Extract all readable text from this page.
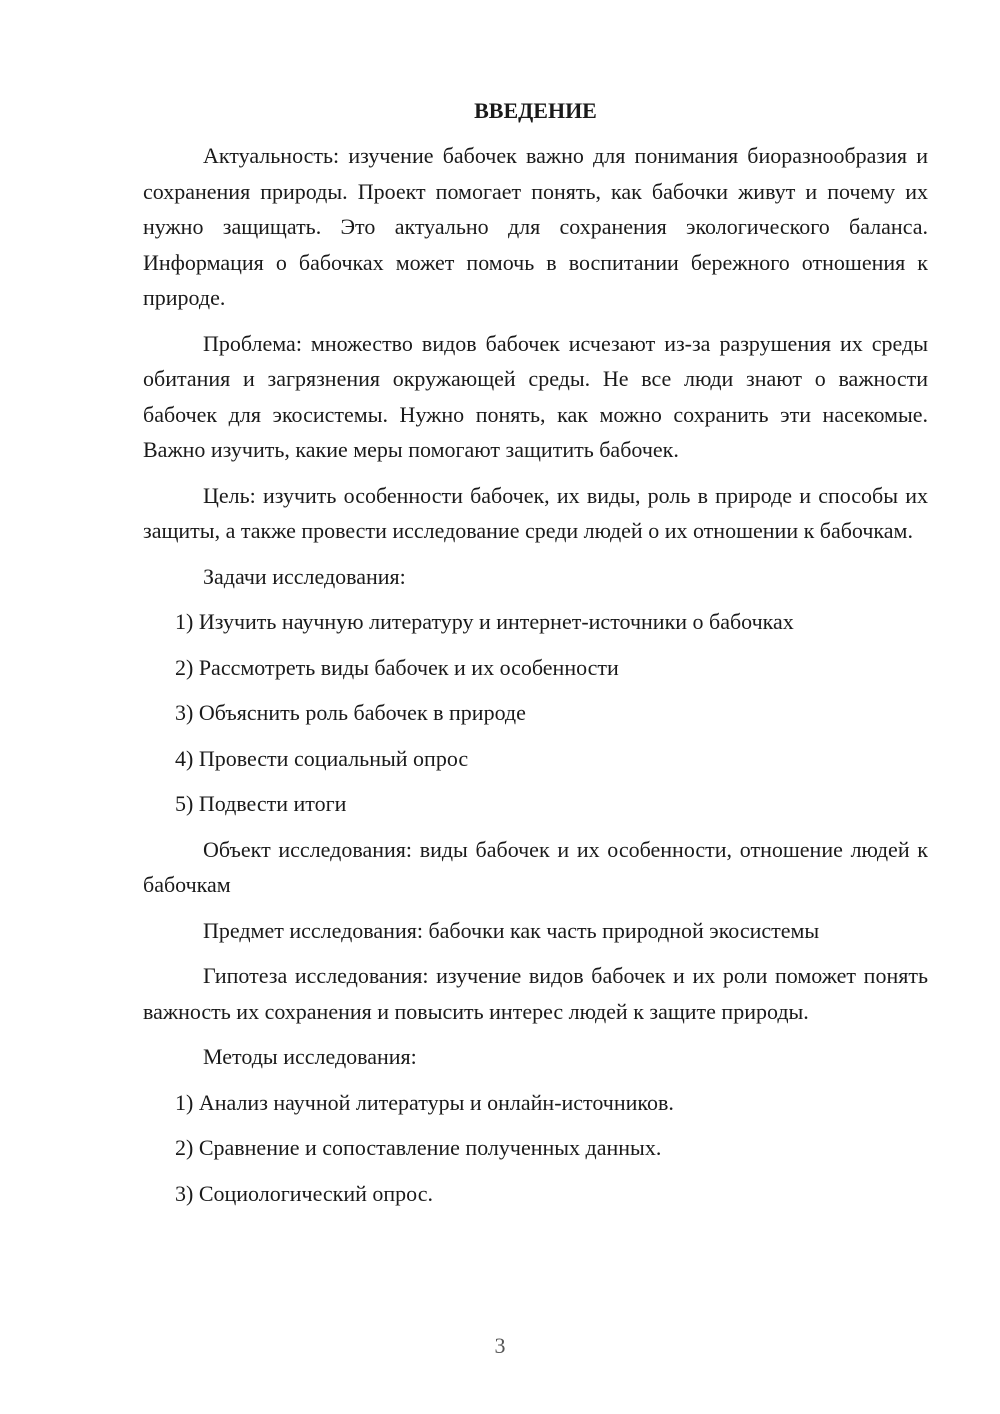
ВВЕДЕНИЕ

Актуальность: изучение бабочек важно для понимания биоразнообразия и сохранения природы. Проект помогает понять, как бабочки живут и почему их нужно защищать. Это актуально для сохранения экологического баланса. Информация о бабочках может помочь в воспитании бережного отношения к природе.

Проблема: множество видов бабочек исчезают из-за разрушения их среды обитания и загрязнения окружающей среды. Не все люди знают о важности бабочек для экосистемы. Нужно понять, как можно сохранить эти насекомые. Важно изучить, какие меры помогают защитить бабочек.

Цель: изучить особенности бабочек, их виды, роль в природе и способы их защиты, а также провести исследование среди людей о их отношении к бабочкам.

Задачи исследования:

1) Изучить научную литературу и интернет-источники о бабочках
2) Рассмотреть виды бабочек и их особенности
3) Объяснить роль бабочек в природе
4) Провести социальный опрос
5) Подвести итоги

Объект исследования: виды бабочек и их особенности, отношение людей к бабочкам

Предмет исследования: бабочки как часть природной экосистемы

Гипотеза исследования: изучение видов бабочек и их роли поможет понять важность их сохранения и повысить интерес людей к защите природы.

Методы исследования:

1) Анализ научной литературы и онлайн-источников.
2) Сравнение и сопоставление полученных данных.
3) Социологический опрос.
3
